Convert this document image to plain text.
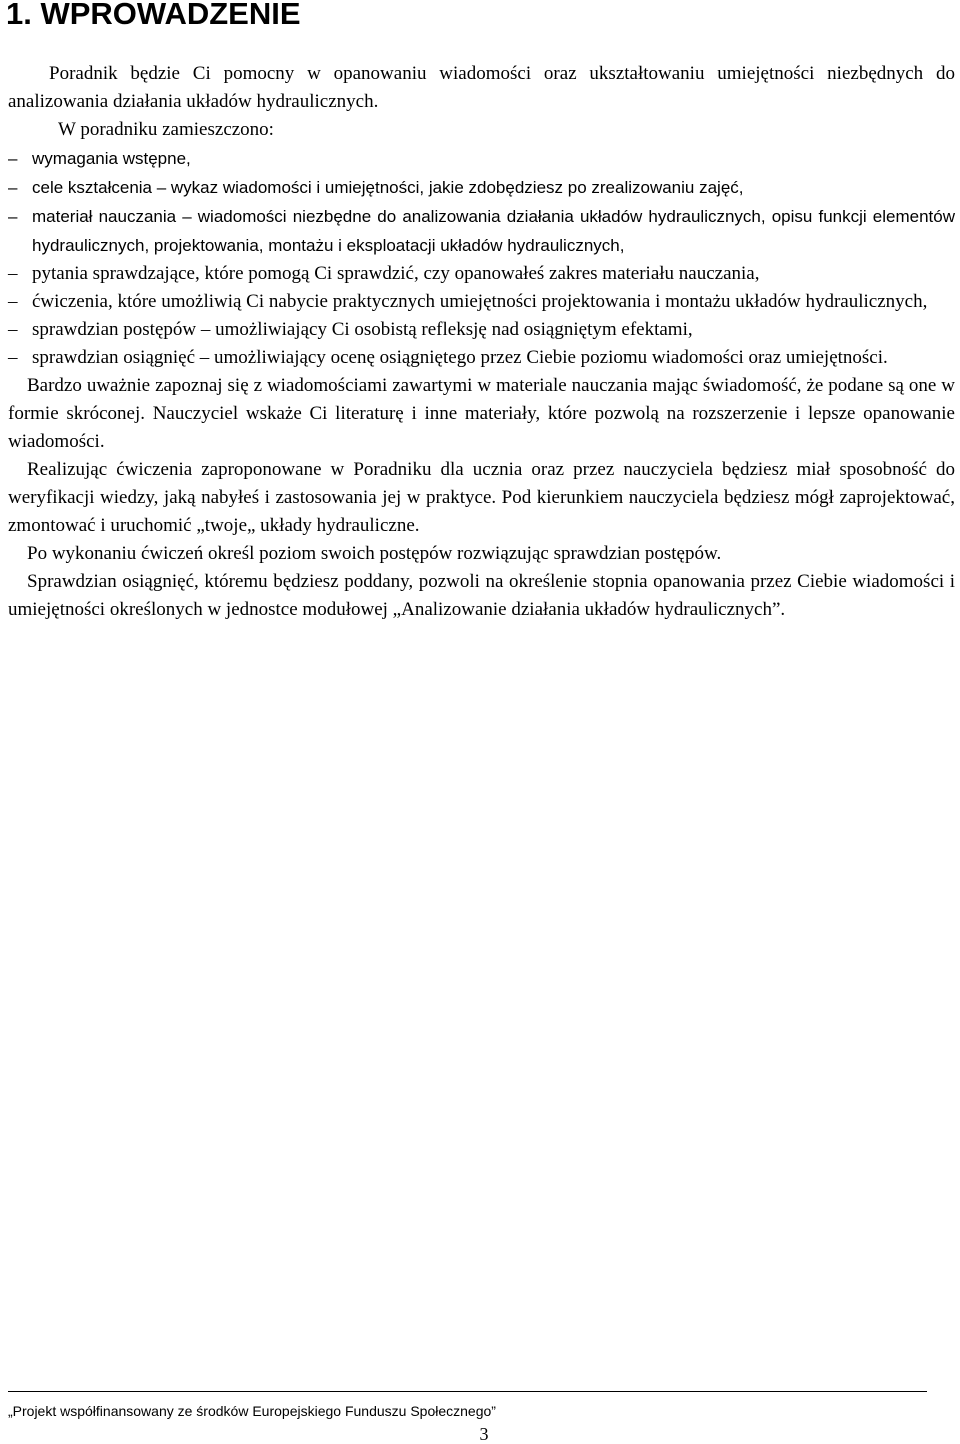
1. WPROWADZENIE

Poradnik będzie Ci pomocny w opanowaniu wiadomości oraz ukształtowaniu umiejętności niezbędnych do analizowania działania układów hydraulicznych.

W poradniku zamieszczono:

– wymagania wstępne,
– cele kształcenia – wykaz wiadomości i umiejętności, jakie zdobędziesz po zrealizowaniu zajęć,
– materiał nauczania – wiadomości niezbędne do analizowania działania układów hydraulicznych, opisu funkcji elementów hydraulicznych, projektowania, montażu i eksploatacji układów hydraulicznych,
– pytania sprawdzające, które pomogą Ci sprawdzić, czy opanowałeś zakres materiału nauczania,
– ćwiczenia, które umożliwią Ci nabycie praktycznych umiejętności projektowania i montażu układów hydraulicznych,
– sprawdzian postępów – umożliwiający Ci osobistą refleksję nad osiągniętym efektami,
– sprawdzian osiągnięć – umożliwiający ocenę osiągniętego przez Ciebie poziomu wiadomości oraz umiejętności.

Bardzo uważnie zapoznaj się z wiadomościami zawartymi w materiale nauczania mając świadomość, że podane są one w formie skróconej. Nauczyciel wskaże Ci literaturę i inne materiały, które pozwolą na rozszerzenie i lepsze opanowanie wiadomości.

Realizując ćwiczenia zaproponowane w Poradniku dla ucznia oraz przez nauczyciela będziesz miał sposobność do weryfikacji wiedzy, jaką nabyłeś i zastosowania jej w praktyce. Pod kierunkiem nauczyciela będziesz mógł zaprojektować, zmontować i uruchomić „twoje„ układy hydrauliczne.

Po wykonaniu ćwiczeń określ poziom swoich postępów rozwiązując sprawdzian postępów.

Sprawdzian osiągnięć, któremu będziesz poddany, pozwoli na określenie stopnia opanowania przez Ciebie wiadomości i umiejętności określonych w jednostce modułowej „Analizowanie działania układów hydraulicznych”.

„Projekt współfinansowany ze środków Europejskiego Funduszu Społecznego”
3
